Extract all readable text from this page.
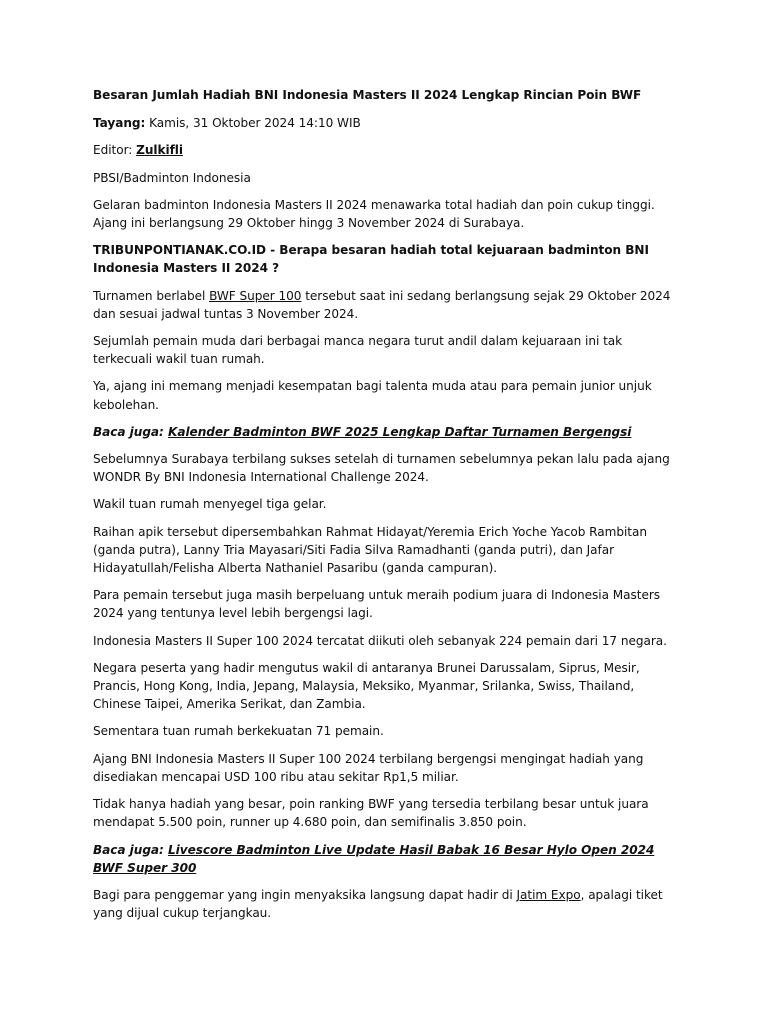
Besaran Jumlah Hadiah BNI Indonesia Masters II 2024 Lengkap Rincian Poin BWF

Tayang: Kamis, 31 Oktober 2024 14:10 WIB

Editor: Zulkifli

PBSI/Badminton Indonesia

Gelaran badminton Indonesia Masters II 2024 menawarka total hadiah dan poin cukup tinggi. Ajang ini berlangsung 29 Oktober hingg 3 November 2024 di Surabaya.

TRIBUNPONTIANAK.CO.ID - Berapa besaran hadiah total kejuaraan badminton BNI Indonesia Masters II 2024 ?

Turnamen berlabel BWF Super 100 tersebut saat ini sedang berlangsung sejak 29 Oktober 2024 dan sesuai jadwal tuntas 3 November 2024.

Sejumlah pemain muda dari berbagai manca negara turut andil dalam kejuaraan ini tak terkecuali wakil tuan rumah.

Ya, ajang ini memang menjadi kesempatan bagi talenta muda atau para pemain junior unjuk kebolehan.

Baca juga: Kalender Badminton BWF 2025 Lengkap Daftar Turnamen Bergengsi

Sebelumnya Surabaya terbilang sukses setelah di turnamen sebelumnya pekan lalu pada ajang WONDR By BNI Indonesia International Challenge 2024.

Wakil tuan rumah menyegel tiga gelar.

Raihan apik tersebut dipersembahkan Rahmat Hidayat/Yeremia Erich Yoche Yacob Rambitan (ganda putra), Lanny Tria Mayasari/Siti Fadia Silva Ramadhanti (ganda putri), dan Jafar Hidayatullah/Felisha Alberta Nathaniel Pasaribu (ganda campuran).

Para pemain tersebut juga masih berpeluang untuk meraih podium juara di Indonesia Masters 2024 yang tentunya level lebih bergengsi lagi.

Indonesia Masters II Super 100 2024 tercatat diikuti oleh sebanyak 224 pemain dari 17 negara.

Negara peserta yang hadir mengutus wakil di antaranya Brunei Darussalam, Siprus, Mesir, Prancis, Hong Kong, India, Jepang, Malaysia, Meksiko, Myanmar, Srilanka, Swiss, Thailand, Chinese Taipei, Amerika Serikat, dan Zambia.

Sementara tuan rumah berkekuatan 71 pemain.

Ajang BNI Indonesia Masters II Super 100 2024 terbilang bergengsi mengingat hadiah yang disediakan mencapai USD 100 ribu atau sekitar Rp1,5 miliar.

Tidak hanya hadiah yang besar, poin ranking BWF yang tersedia terbilang besar untuk juara mendapat 5.500 poin, runner up 4.680 poin, dan semifinalis 3.850 poin.

Baca juga: Livescore Badminton Live Update Hasil Babak 16 Besar Hylo Open 2024 BWF Super 300

Bagi para penggemar yang ingin menyaksika langsung dapat hadir di Jatim Expo, apalagi tiket yang dijual cukup terjangkau.
